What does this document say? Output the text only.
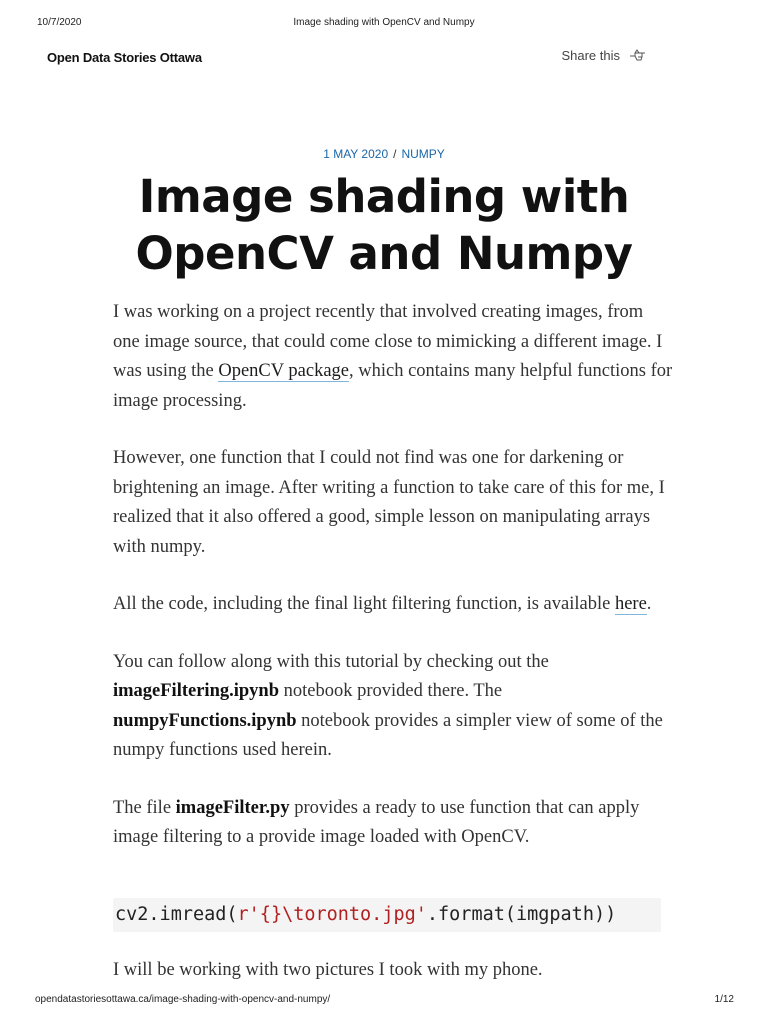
10/7/2020	Image shading with OpenCV and Numpy
Open Data Stories Ottawa	Share this
1 MAY 2020 / NUMPY
Image shading with OpenCV and Numpy

I was working on a project recently that involved creating images, from one image source, that could come close to mimicking a different image. I was using the OpenCV package, which contains many helpful functions for image processing.

However, one function that I could not find was one for darkening or brightening an image. After writing a function to take care of this for me, I realized that it also offered a good, simple lesson on manipulating arrays with numpy.

All the code, including the final light filtering function, is available here.

You can follow along with this tutorial by checking out the imageFiltering.ipynb notebook provided there. The numpyFunctions.ipynb notebook provides a simpler view of some of the numpy functions used herein.

The file imageFilter.py provides a ready to use function that can apply image filtering to a provide image loaded with OpenCV.

cv2.imread(r'{}\toronto.jpg'.format(imgpath))

I will be working with two pictures I took with my phone.

opendatastoriesottawa.ca/image-shading-with-opencv-and-numpy/	1/12
